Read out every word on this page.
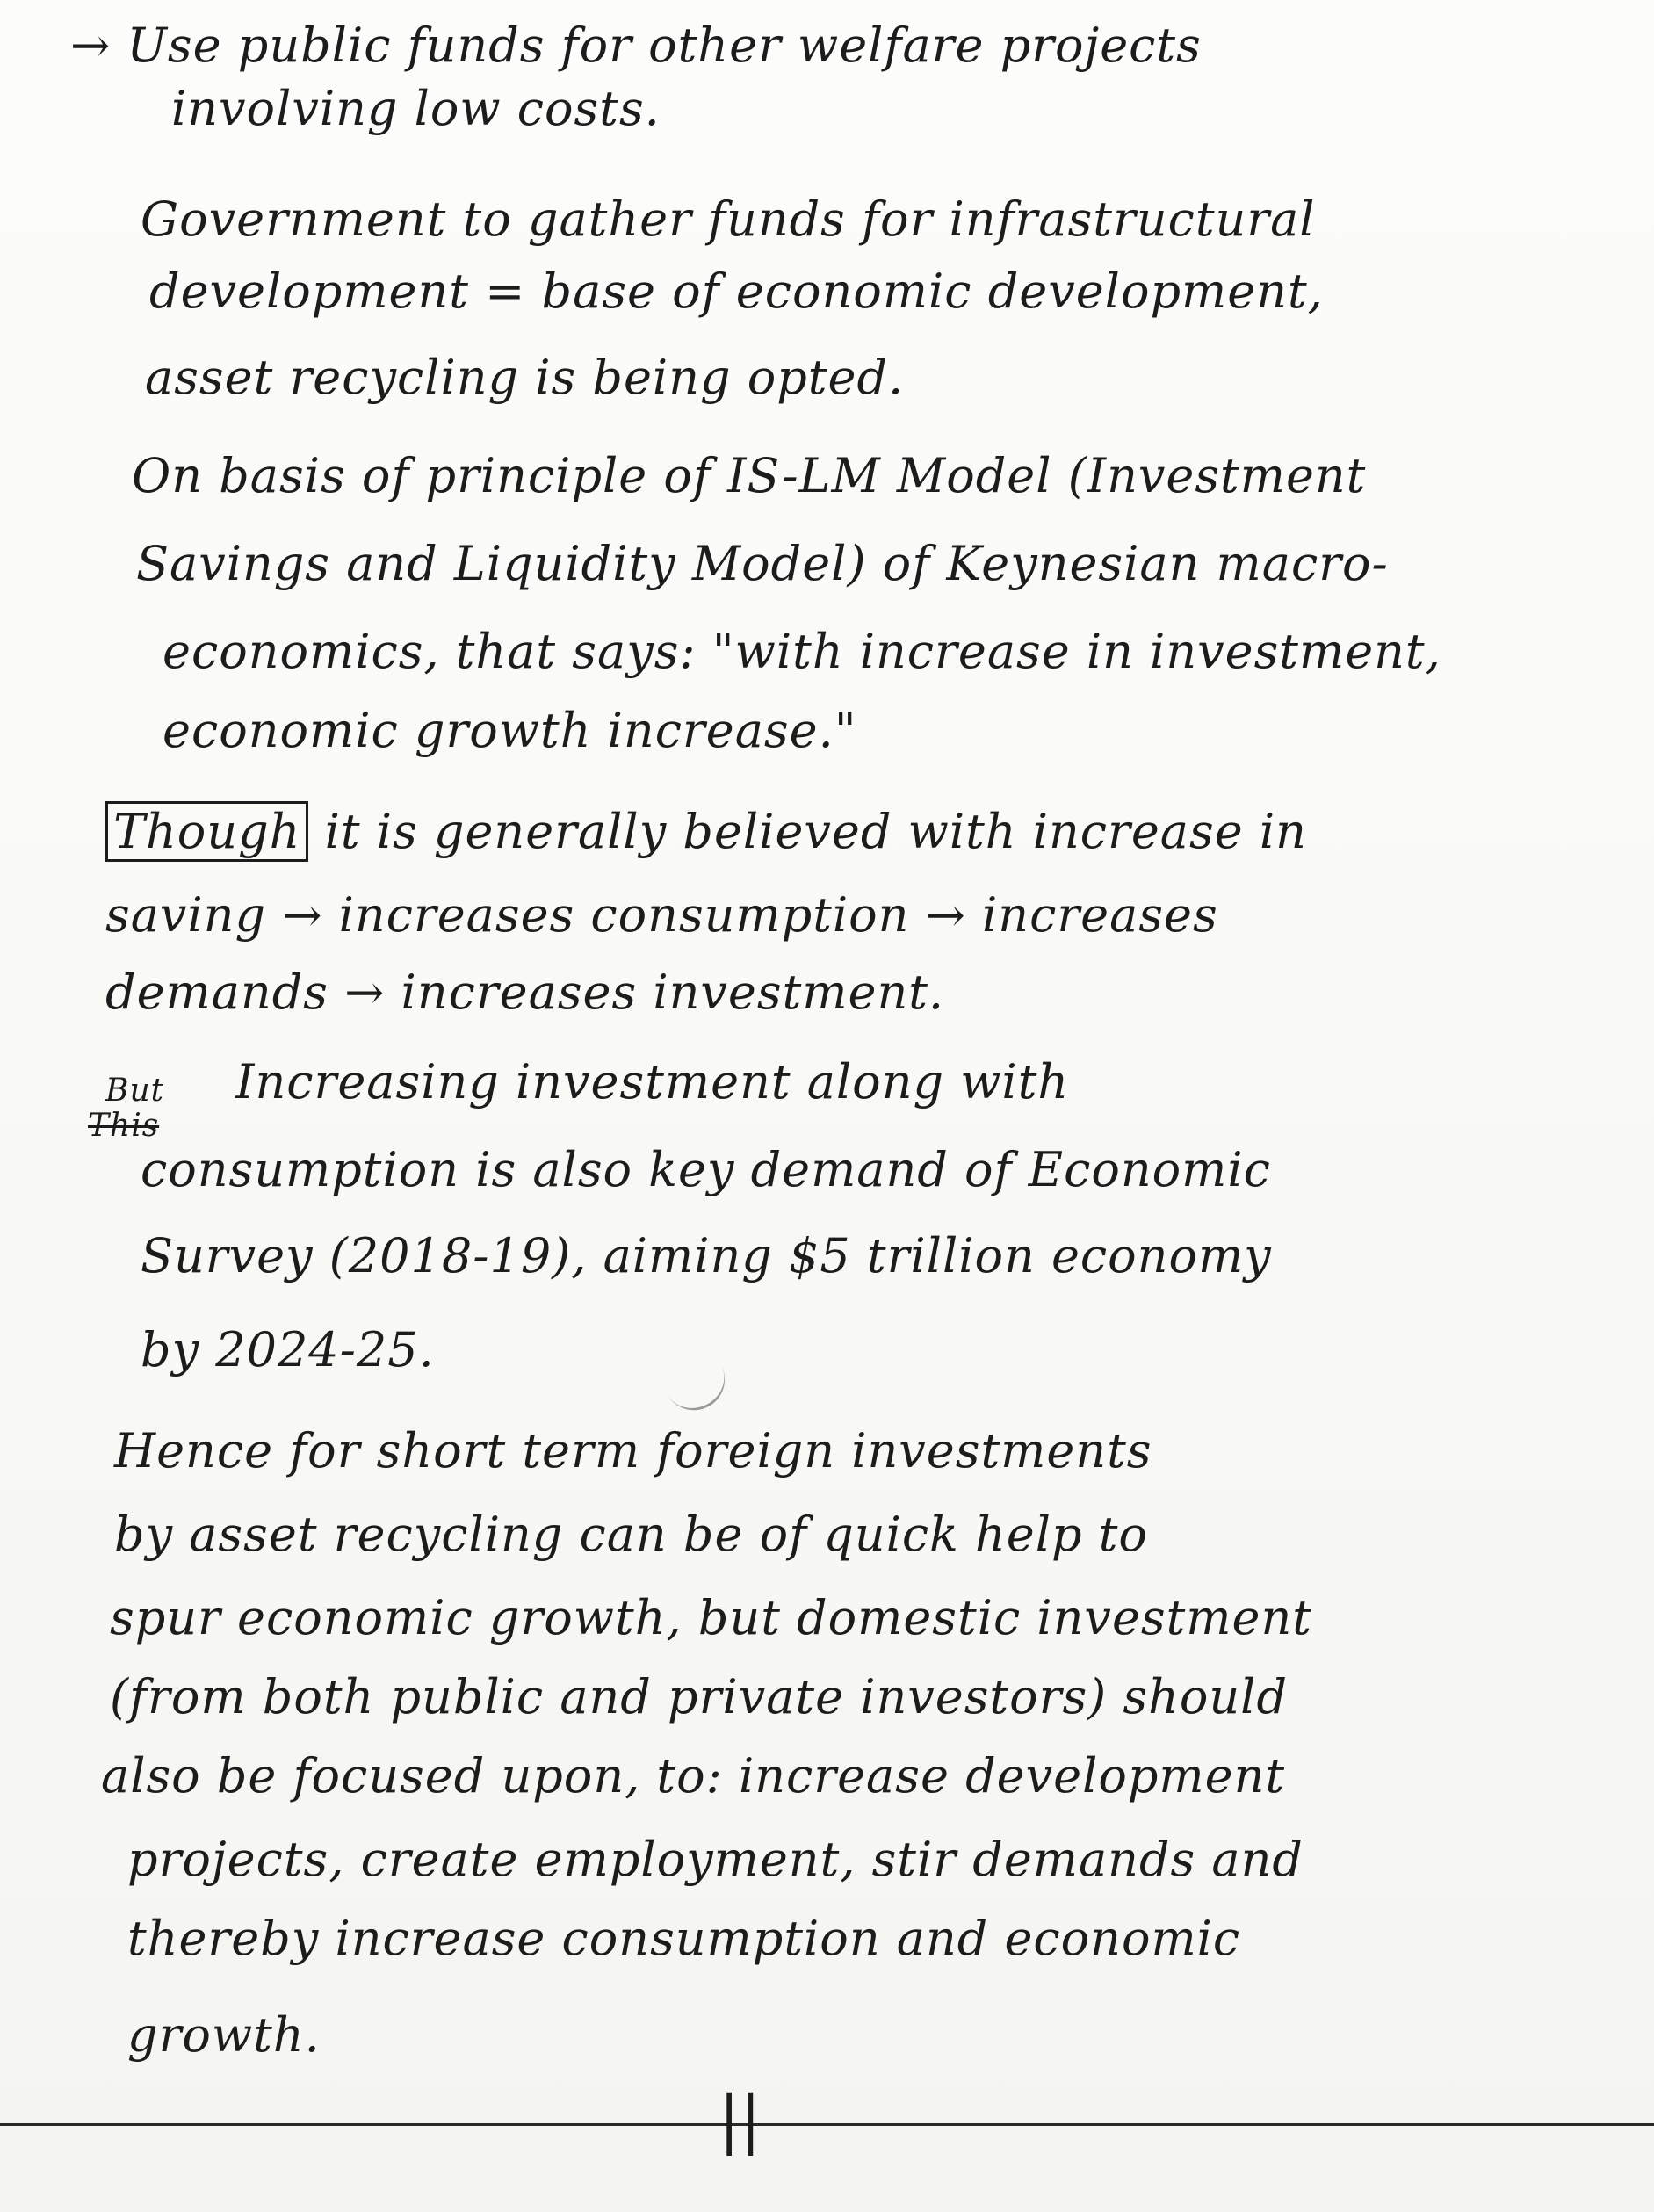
→ Use public funds for other welfare projects
involving low costs.
Government to gather funds for infrastructural
development = base of economic development,
asset recycling is being opted.
On basis of principle of IS-LM Model (Investment
Savings and Liquidity Model) of Keynesian macro-
economics, that says: "with increase in investment,
economic growth increase."
Though it is generally believed with increase in
saving → increases consumption → increases
demands → increases investment.
But
This
Increasing investment along with
consumption is also key demand of Economic
Survey (2018-19), aiming $5 trillion economy
by 2024-25.
Hence for short term foreign investments
by asset recycling can be of quick help to
spur economic growth, but domestic investment
(from both public and private investors) should
also be focused upon, to: increase development
projects, create employment, stir demands and
thereby increase consumption and economic
growth.
||
